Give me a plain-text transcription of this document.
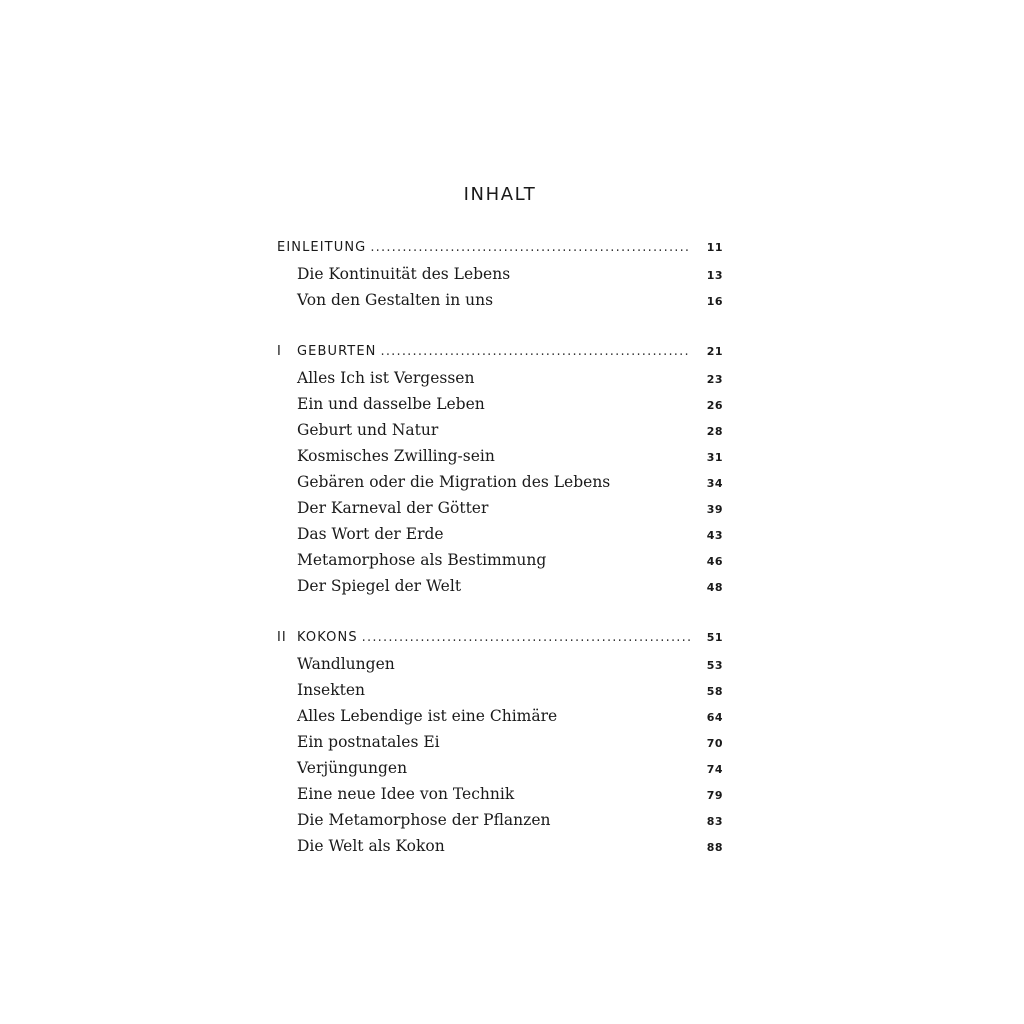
INHALT
EINLEITUNG .....	11
Die Kontinuität des Lebens	13
Von den Gestalten in uns	16
I	GEBURTEN .....	21
Alles Ich ist Vergessen	23
Ein und dasselbe Leben	26
Geburt und Natur	28
Kosmisches Zwilling-sein	31
Gebären oder die Migration des Lebens	34
Der Karneval der Götter	39
Das Wort der Erde	43
Metamorphose als Bestimmung	46
Der Spiegel der Welt	48
II KOKONS .....	51
Wandlungen	53
Insekten	58
Alles Lebendige ist eine Chimäre	64
Ein postnatales Ei	70
Verjüngungen	74
Eine neue Idee von Technik	79
Die Metamorphose der Pflanzen	83
Die Welt als Kokon	88
